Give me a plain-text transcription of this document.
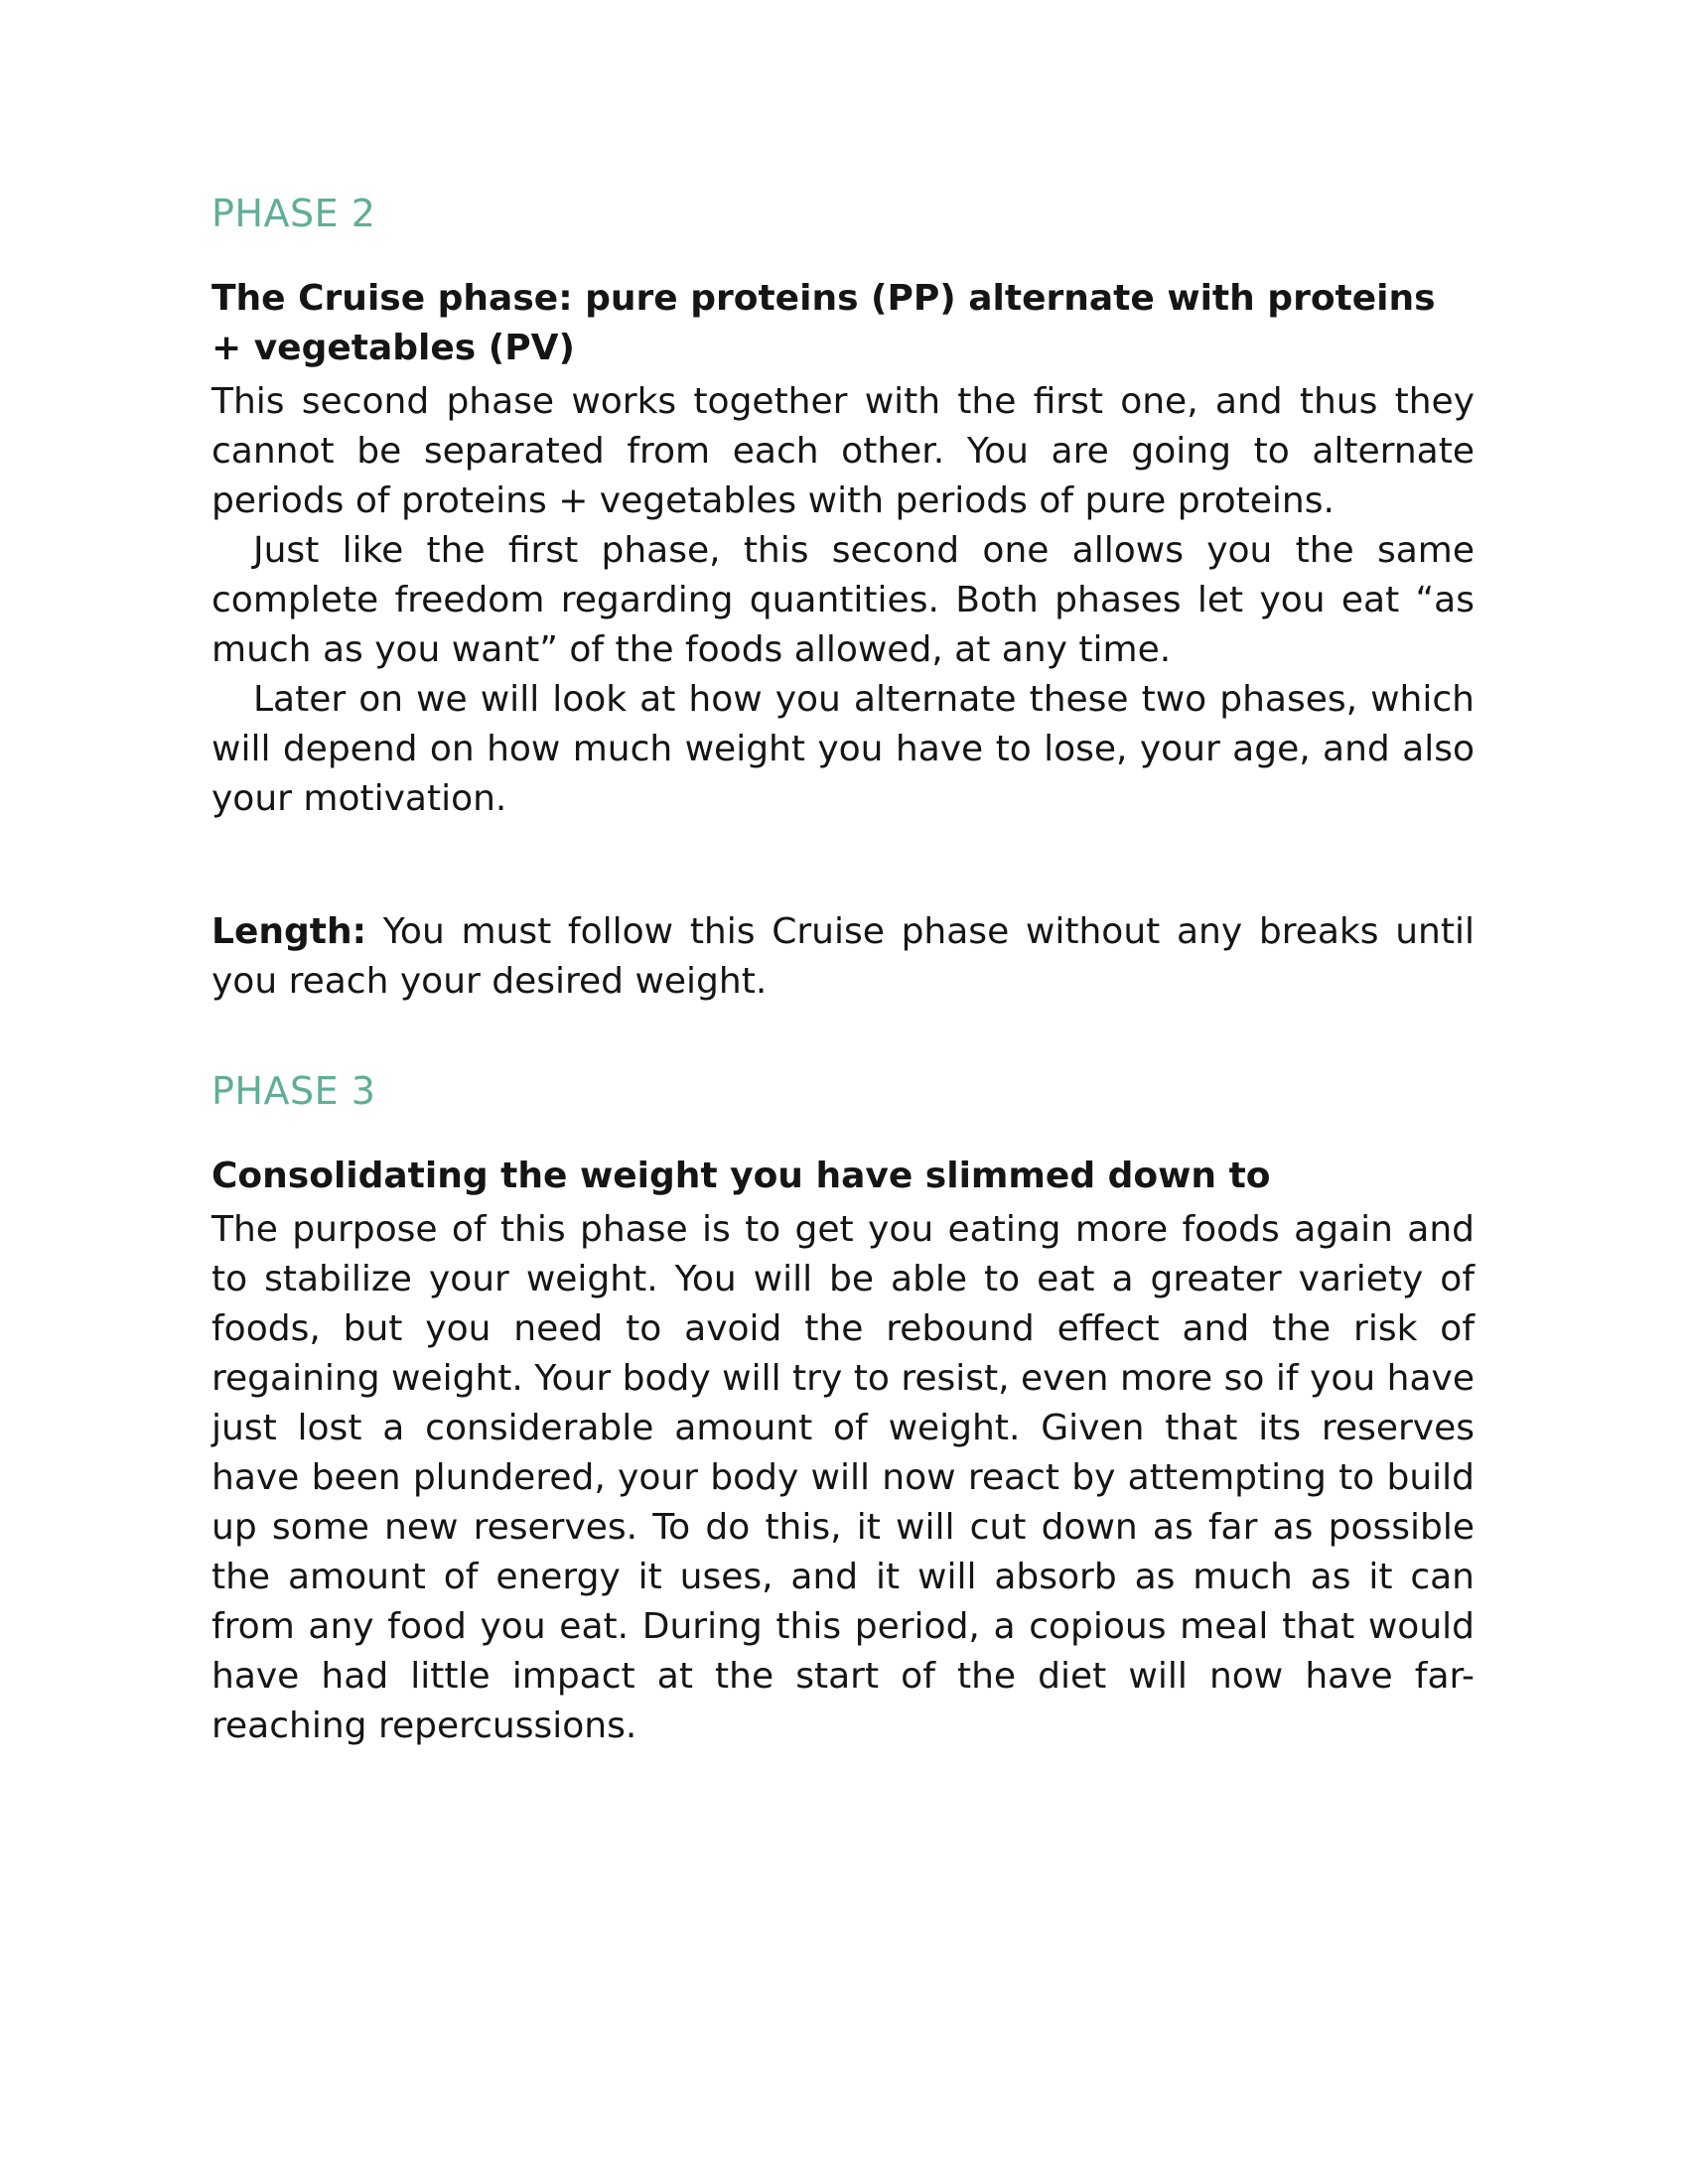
PHASE 2
The Cruise phase: pure proteins (PP) alternate with proteins + vegetables (PV)

This second phase works together with the first one, and thus they cannot be separated from each other. You are going to alternate periods of proteins + vegetables with periods of pure proteins.

Just like the first phase, this second one allows you the same complete freedom regarding quantities. Both phases let you eat “as much as you want” of the foods allowed, at any time.

Later on we will look at how you alternate these two phases, which will depend on how much weight you have to lose, your age, and also your motivation.

Length: You must follow this Cruise phase without any breaks until you reach your desired weight.

PHASE 3
Consolidating the weight you have slimmed down to

The purpose of this phase is to get you eating more foods again and to stabilize your weight. You will be able to eat a greater variety of foods, but you need to avoid the rebound effect and the risk of regaining weight. Your body will try to resist, even more so if you have just lost a considerable amount of weight. Given that its reserves have been plundered, your body will now react by attempting to build up some new reserves. To do this, it will cut down as far as possible the amount of energy it uses, and it will absorb as much as it can from any food you eat. During this period, a copious meal that would have had little impact at the start of the diet will now have far-reaching repercussions.
